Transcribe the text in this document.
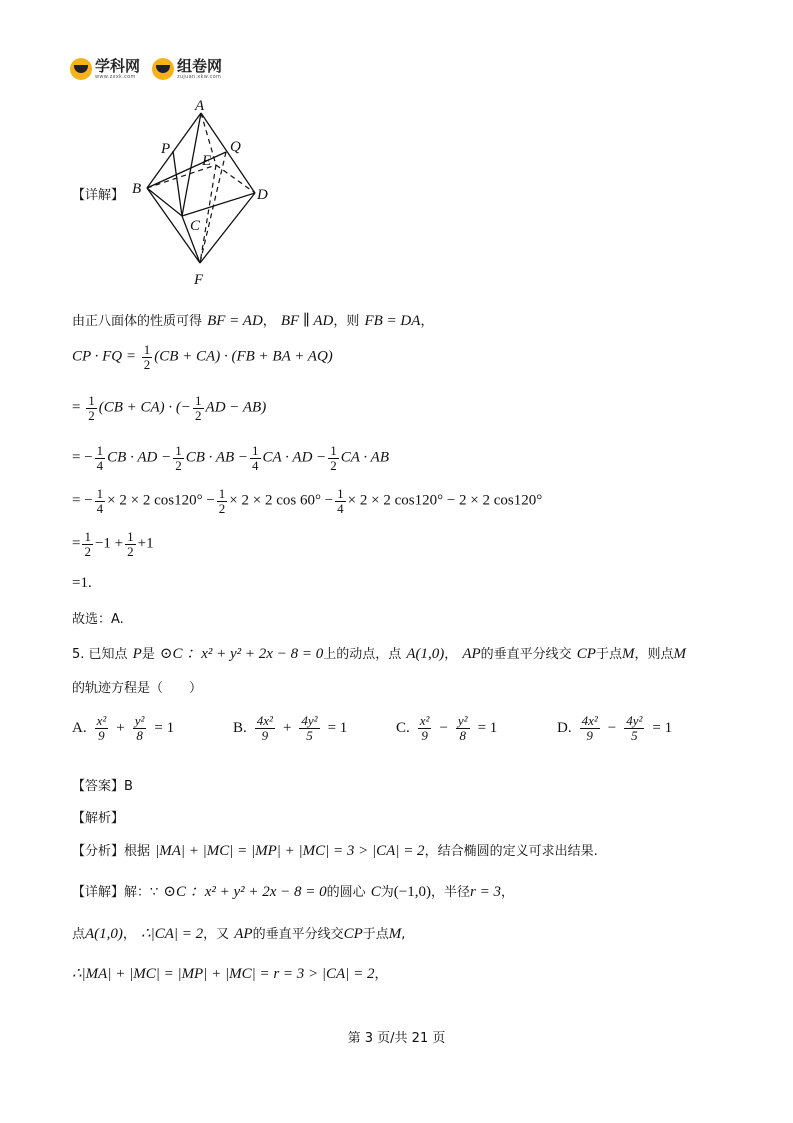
学科网
www.zxxk.com
组卷网
zujuan.xkw.com
【详解】
A
B
C
D
E
F
P	Q
由正八面体的性质可得 BF = AD， BF ∥ AD，则 FB = DA，
CP · FQ = $\frac{1}{2} (CB + CA) \cdot (FB$ + BA + AQ)
= $\frac{1}{2} (CB + CA)$ · (− $\frac{1}{2}$ AD − AB)
= − $\frac{1}{4}$ CB · AD − $\frac{1}{2}$ CB · AB − $\frac{1}{4}$ CA · AD − $\frac{1}{2}$ CA · AB
= − $\frac{1}{4} \times 2 \times 2$ $\cos 120^\circ - \frac{1}{2} \times 2 \times 2$ $\cos 60^\circ - \frac{1}{4} \times 2 \times 2$ cos120° − 2 × 2 cos120°
= $\frac{1}{2} -1 + \frac{1}{2} +1$
=1.
故选：A.
5. 已知点 P是 ⊙C ：x² + y² + 2x − 8 = 0上的动点，点 A(1,0)， AP的垂直平分线交 CP于点M，则点M
的轨迹方程是（　　）
A. $\frac{\text{x²}}{9} + \frac{\text{y²}}{8} = 1$	B. $\frac{\text{4x²}}{9} + \frac{\text{4y²}}{5} = 1$	C. $\frac{\text{x²}}{9} - \frac{\text{y²}}{8} = 1$	D. $\frac{\text{4x²}}{9} - \frac{\text{4y²}}{5} = 1$
【答案】B
【解析】
【分析】根据 |MA| + |MC| = |MP| + |MC| = 3 > |CA| = 2，结合椭圆的定义可求出结果.
【详解】解：∵ ⊙C ：x² + y² + 2x − 8 = 0的圆心 C为(−1,0)，半径r = 3，
点A(1,0)， ∴|CA| = 2，又 AP的垂直平分线交CP于点M,
∴|MA| + |MC| = |MP| + |MC| = r = 3 > |CA| = 2，
第 3 页/共 21 页
